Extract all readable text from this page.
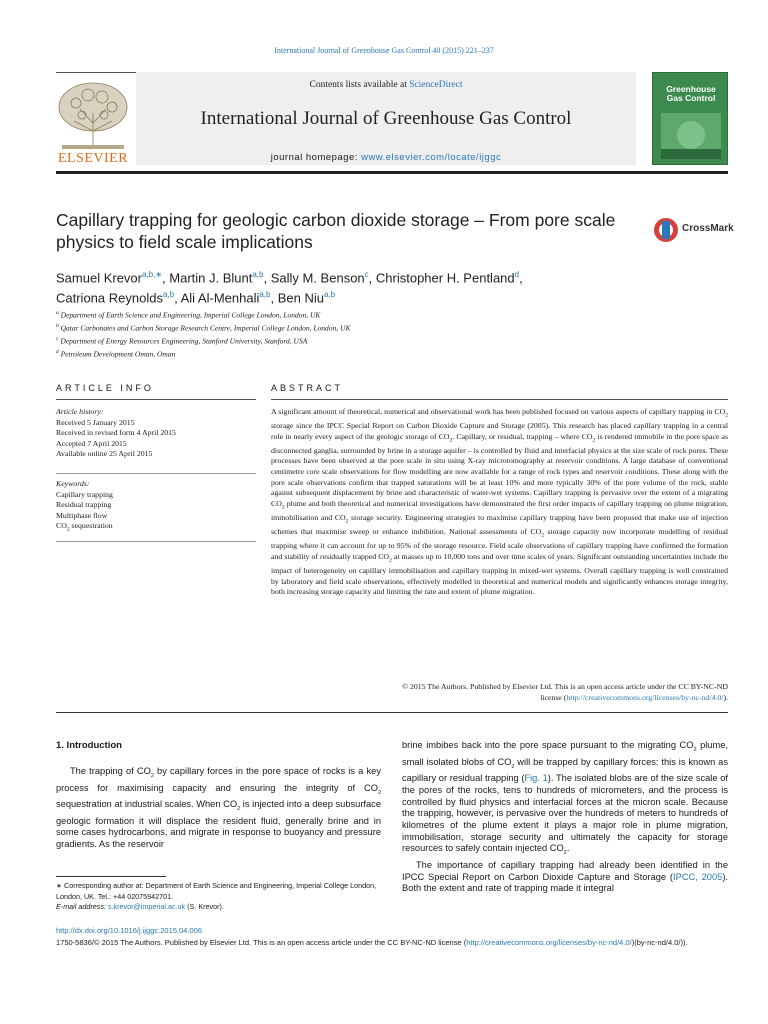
International Journal of Greenhouse Gas Control 40 (2015) 221–237
ELSEVIER
Contents lists available at ScienceDirect
International Journal of Greenhouse Gas Control
journal homepage: www.elsevier.com/locate/ijggc
Greenhouse
Gas Control
Capillary trapping for geologic carbon dioxide storage – From pore scale physics to field scale implications
CrossMark
Samuel Krevor$^{a,b,∗}$, Martin J. Blunt$^{a,b}$, Sally M. Benson$^c$, Christopher H. Pentland$^d$,
Catriona Reynolds$^{a,b}$, Ali Al-Menhali$^{a,b}$, Ben Niu$^{a,b}$
$^a$ Department of Earth Science and Engineering, Imperial College London, London, UK
$^b$ Qatar Carbonates and Carbon Storage Research Centre, Imperial College London, London, UK
$^c$ Department of Energy Resources Engineering, Stanford University, Stanford, USA
$^d$ Petroleum Development Oman, Oman
ARTICLE INFO	ABSTRACT
Article history:
Received 5 January 2015
Received in revised form 4 April 2015
Accepted 7 April 2015
Available online 25 April 2015
Keywords:
Capillary trapping
Residual trapping
Multiphase flow
$CO_2$ sequestration
A significant amount of theoretical, numerical and observational work has been published focused on various aspects of capillary trapping in $CO_2$ storage since the IPCC Special Report on Carbon Dioxide Capture and Storage (2005). This research has placed capillary trapping in a central role in nearly every aspect of the geologic storage of $CO_2$. Capillary, or residual, trapping – where $CO_2$ is rendered immobile in the pore space as disconnected ganglia, surrounded by brine in a storage aquifer – is controlled by fluid and interfacial physics at the size scale of rock pores. These processes have been observed at the pore scale in situ using X-ray microtomography at reservoir conditions. A large database of conventional centimetre core scale observations for flow modelling are now available for a range of rock types and reservoir conditions. These along with the pore scale observations confirm that trapped saturations will be at least 10% and more typically 30% of the pore volume of the rock, stable against subsequent displacement by brine and characteristic of water-wet systems. Capillary trapping is pervasive over the extent of a migrating $CO_2$ plume and both theoretical and numerical investigations have demonstrated the first order impacts of capillary trapping on plume migration, immobilisation and $CO_2$ storage security. Engineering strategies to maximise capillary trapping have been proposed that make use of injection schemes that maximise sweep or enhance imbibition. National assessments of $CO_2$ storage capacity now incorporate modelling of residual trapping where it can account for up to 95% of the storage resource. Field scale observations of capillary trapping have confirmed the formation and stability of residually trapped $CO_2$ at masses up to 10,000 tons and over time scales of years. Significant outstanding uncertainties include the impact of heterogeneity on capillary immobilisation and capillary trapping in mixed-wet systems. Overall capillary trapping is well constrained by laboratory and field scale observations, effectively modelled in theoretical and numerical models and significantly enhances storage integrity, both increasing storage capacity and limiting the rate and extent of plume migration.
© 2015 The Authors. Published by Elsevier Ltd. This is an open access article under the CC BY-NC-ND
license (http://creativecommons.org/licenses/by-nc-nd/4.0/).
1. Introduction
The trapping of $CO_2$ by capillary forces in the pore space of rocks is a key process for maximising capacity and ensuring the integrity of $CO_2$ sequestration at industrial scales. When $CO_2$ is injected into a deep subsurface geologic formation it will displace the resident fluid, generally brine and in some cases hydrocarbons, and migrate in response to buoyancy and pressure gradients. As the reservoir

brine imbibes back into the pore space pursuant to the migrating $CO_2$ plume, small isolated blobs of $CO_2$ will be trapped by capillary forces: this is known as capillary or residual trapping (Fig. 1). The isolated blobs are of the size scale of the pores of the rocks, tens to hundreds of micrometers, and the process is controlled by fluid physics and interfacial forces at the micron scale. Because the trapping, however, is pervasive over the hundreds of meters to hundreds of kilometres of the plume extent it plays a major role in plume migration, immobilisation, storage security and ultimately the capacity for storage resources to safely contain injected $CO_2$.

The importance of capillary trapping had already been identified in the IPCC Special Report on Carbon Dioxide Capture and Storage (IPCC, 2005). Both the extent and rate of trapping made it integral

∗ Corresponding author at: Department of Earth Science and Engineering, Imperial College London, London, UK. Tel.: +44 02075942701.
E-mail address: s.krevor@imperial.ac.uk (S. Krevor).
http://dx.doi.org/10.1016/j.ijggc.2015.04.006
1750-5836/© 2015 The Authors. Published by Elsevier Ltd. This is an open access article under the CC BY-NC-ND license (http://creativecommons.org/licenses/by-nc-nd/4.0/)(by-nc-nd/4.0/)).
